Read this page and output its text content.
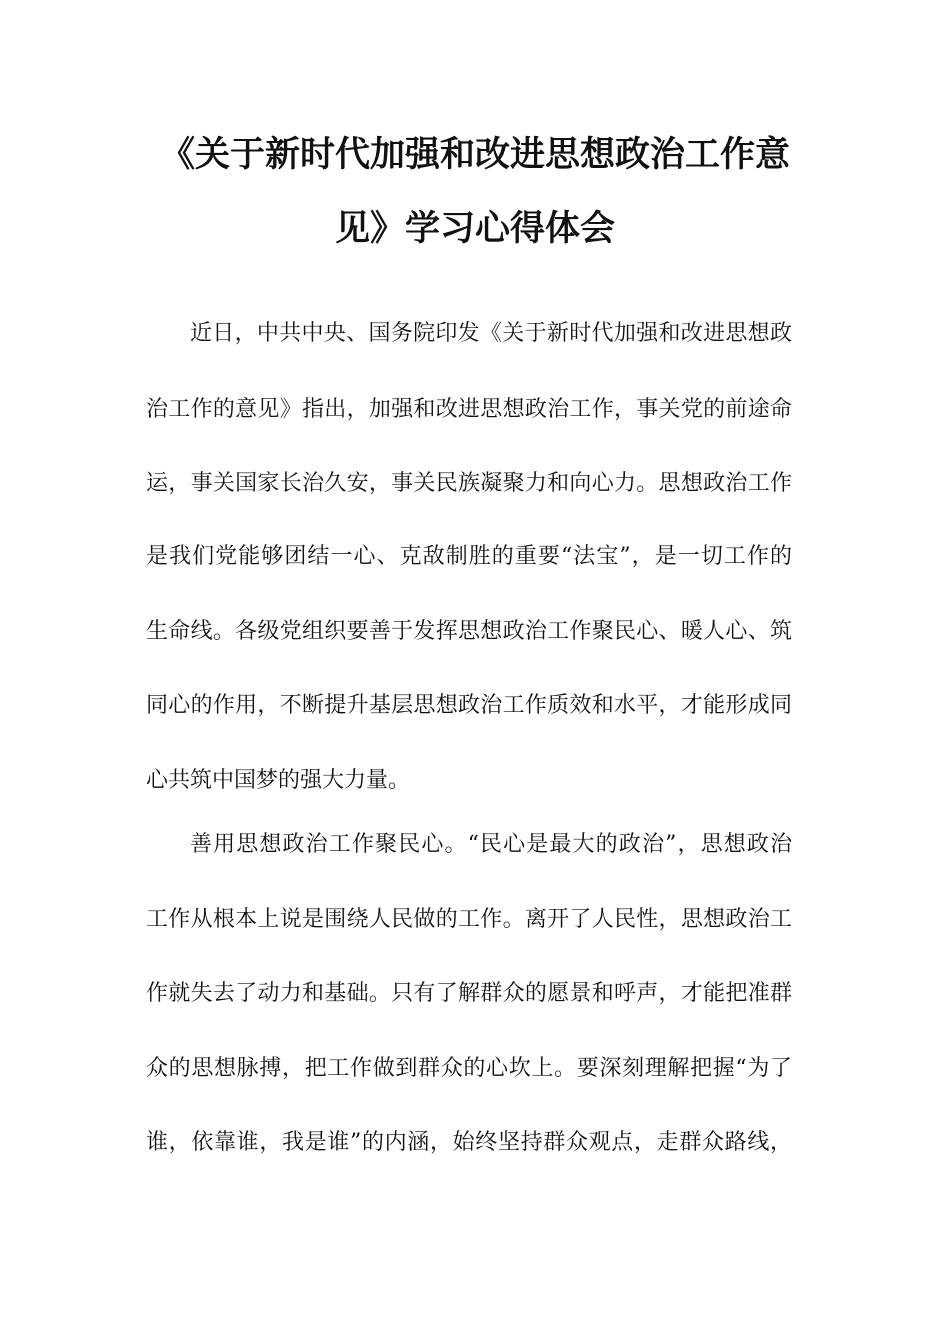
《关于新时代加强和改进思想政治工作意
见》学习心得体会

近日，中共中央、国务院印发《关于新时代加强和改进思想政

治工作的意见》指出，加强和改进思想政治工作，事关党的前途命

运，事关国家长治久安，事关民族凝聚力和向心力。思想政治工作

是我们党能够团结一心、克敌制胜的重要“法宝”，是一切工作的

生命线。各级党组织要善于发挥思想政治工作聚民心、暖人心、筑

同心的作用，不断提升基层思想政治工作质效和水平，才能形成同

心共筑中国梦的强大力量。

善用思想政治工作聚民心。“民心是最大的政治”，思想政治

工作从根本上说是围绕人民做的工作。离开了人民性，思想政治工

作就失去了动力和基础。只有了解群众的愿景和呼声，才能把准群

众的思想脉搏，把工作做到群众的心坎上。要深刻理解把握“为了

谁，依靠谁，我是谁”的内涵，始终坚持群众观点，走群众路线，
